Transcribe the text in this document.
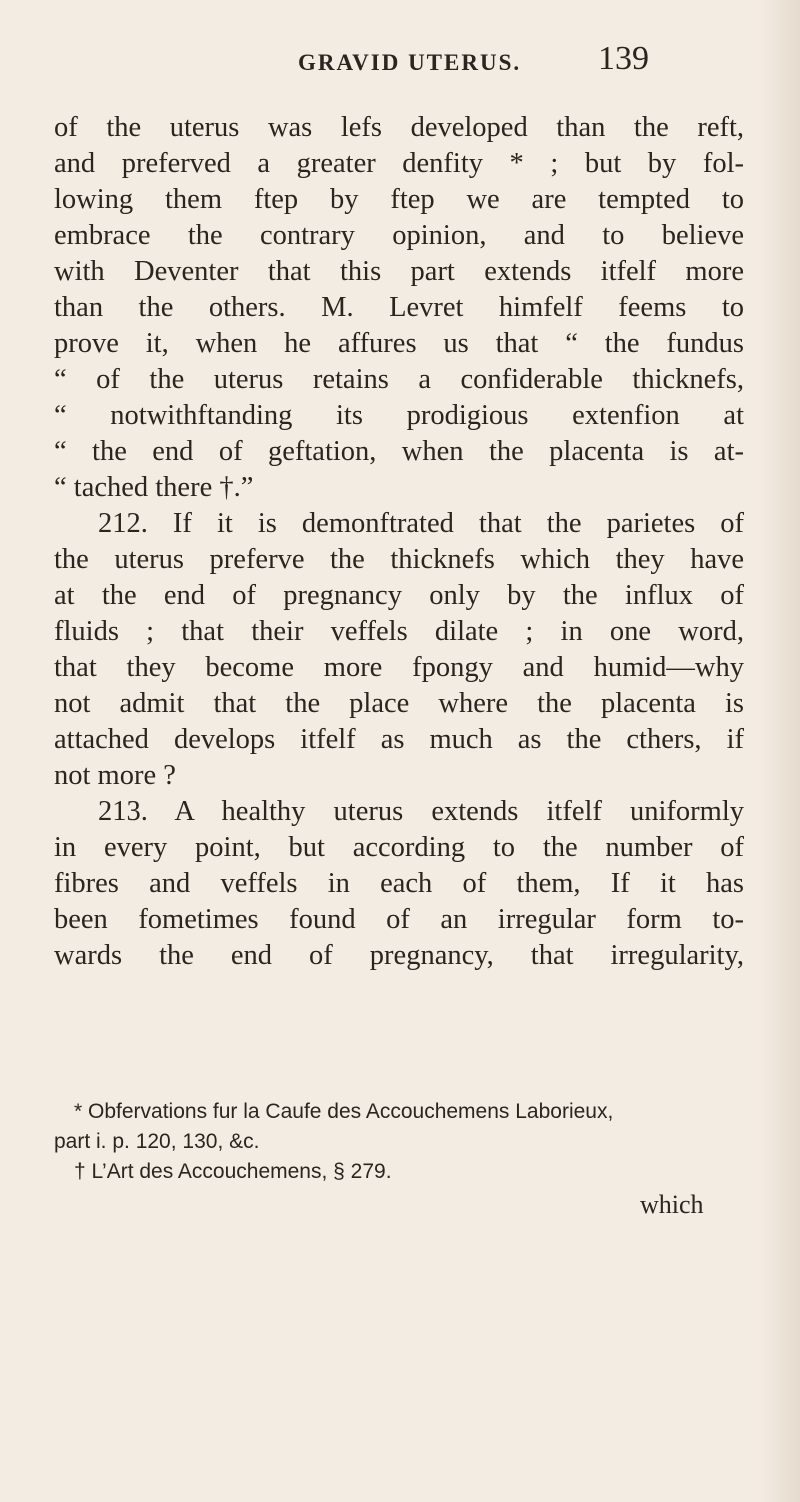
GRAVID UTERUS. 139
of the uterus was lefs developed than the reft,
and preferved a greater denfity * ; but by fol-
lowing them ftep by ftep we are tempted to
embrace the contrary opinion, and to believe
with Deventer that this part extends itfelf more
than the others. M. Levret himfelf feems to
prove it, when he affures us that “ the fundus
“ of the uterus retains a confiderable thicknefs,
“ notwithftanding its prodigious extenfion at
“ the end of geftation, when the placenta is at-
“ tached there †.”
212. If it is demonftrated that the parietes of
the uterus preferve the thicknefs which they have
at the end of pregnancy only by the influx of
fluids ; that their veffels dilate ; in one word,
that they become more fpongy and humid—why
not admit that the place where the placenta is
attached develops itfelf as much as the cthers, if
not more ?
213. A healthy uterus extends itfelf uniformly
in every point, but according to the number of
fibres and veffels in each of them, If it has
been fometimes found of an irregular form to-
wards the end of pregnancy, that irregularity,
* Obfervations fur la Caufe des Accouchemens Laborieux,
part i. p. 120, 130, &c.
† L’Art des Accouchemens, § 279.
which
